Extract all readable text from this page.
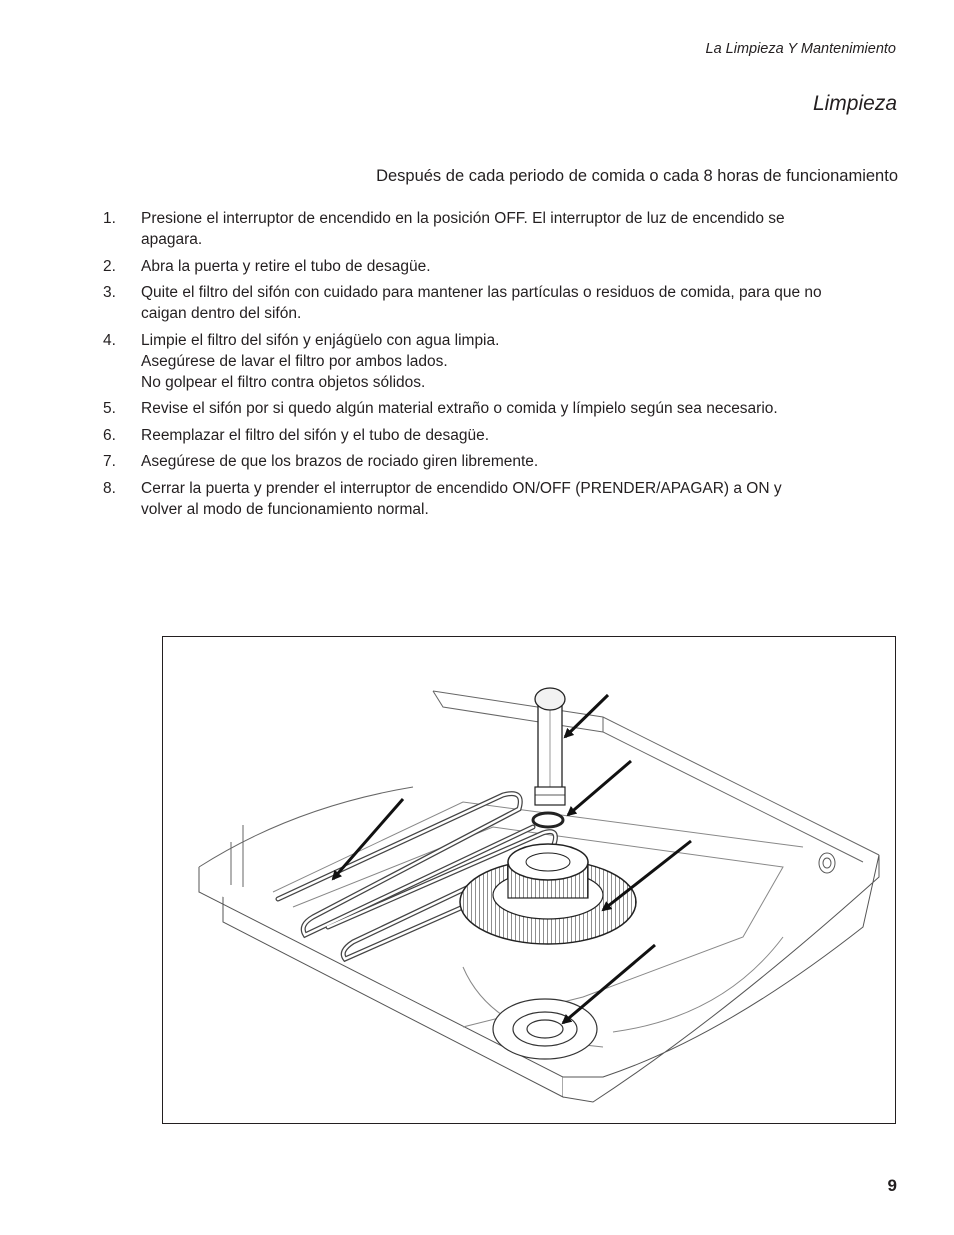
La Limpieza Y Mantenimiento
Limpieza
Después de cada periodo de comida o cada 8 horas de funcionamiento
1. Presione el interruptor de encendido en la posición OFF. El interruptor de luz de encendido se
apagara.
2. Abra la puerta y retire el tubo de desagüe.
3. Quite el filtro del sifón con cuidado para mantener las partículas o residuos de comida, para que no
caigan dentro del sifón.
4. Limpie el filtro del sifón y enjágüelo con agua limpia.
Asegúrese de lavar el filtro por ambos lados.
No golpear el filtro contra objetos sólidos.
5. Revise el sifón por si quedo algún material extraño o comida y límpielo según sea necesario.
6. Reemplazar el filtro del sifón y el tubo de desagüe.
7. Asegúrese de que los brazos de rociado giren libremente.
8. Cerrar la puerta y prender el interruptor de encendido ON/OFF (PRENDER/APAGAR) a ON y
volver al modo de funcionamiento normal.
9
